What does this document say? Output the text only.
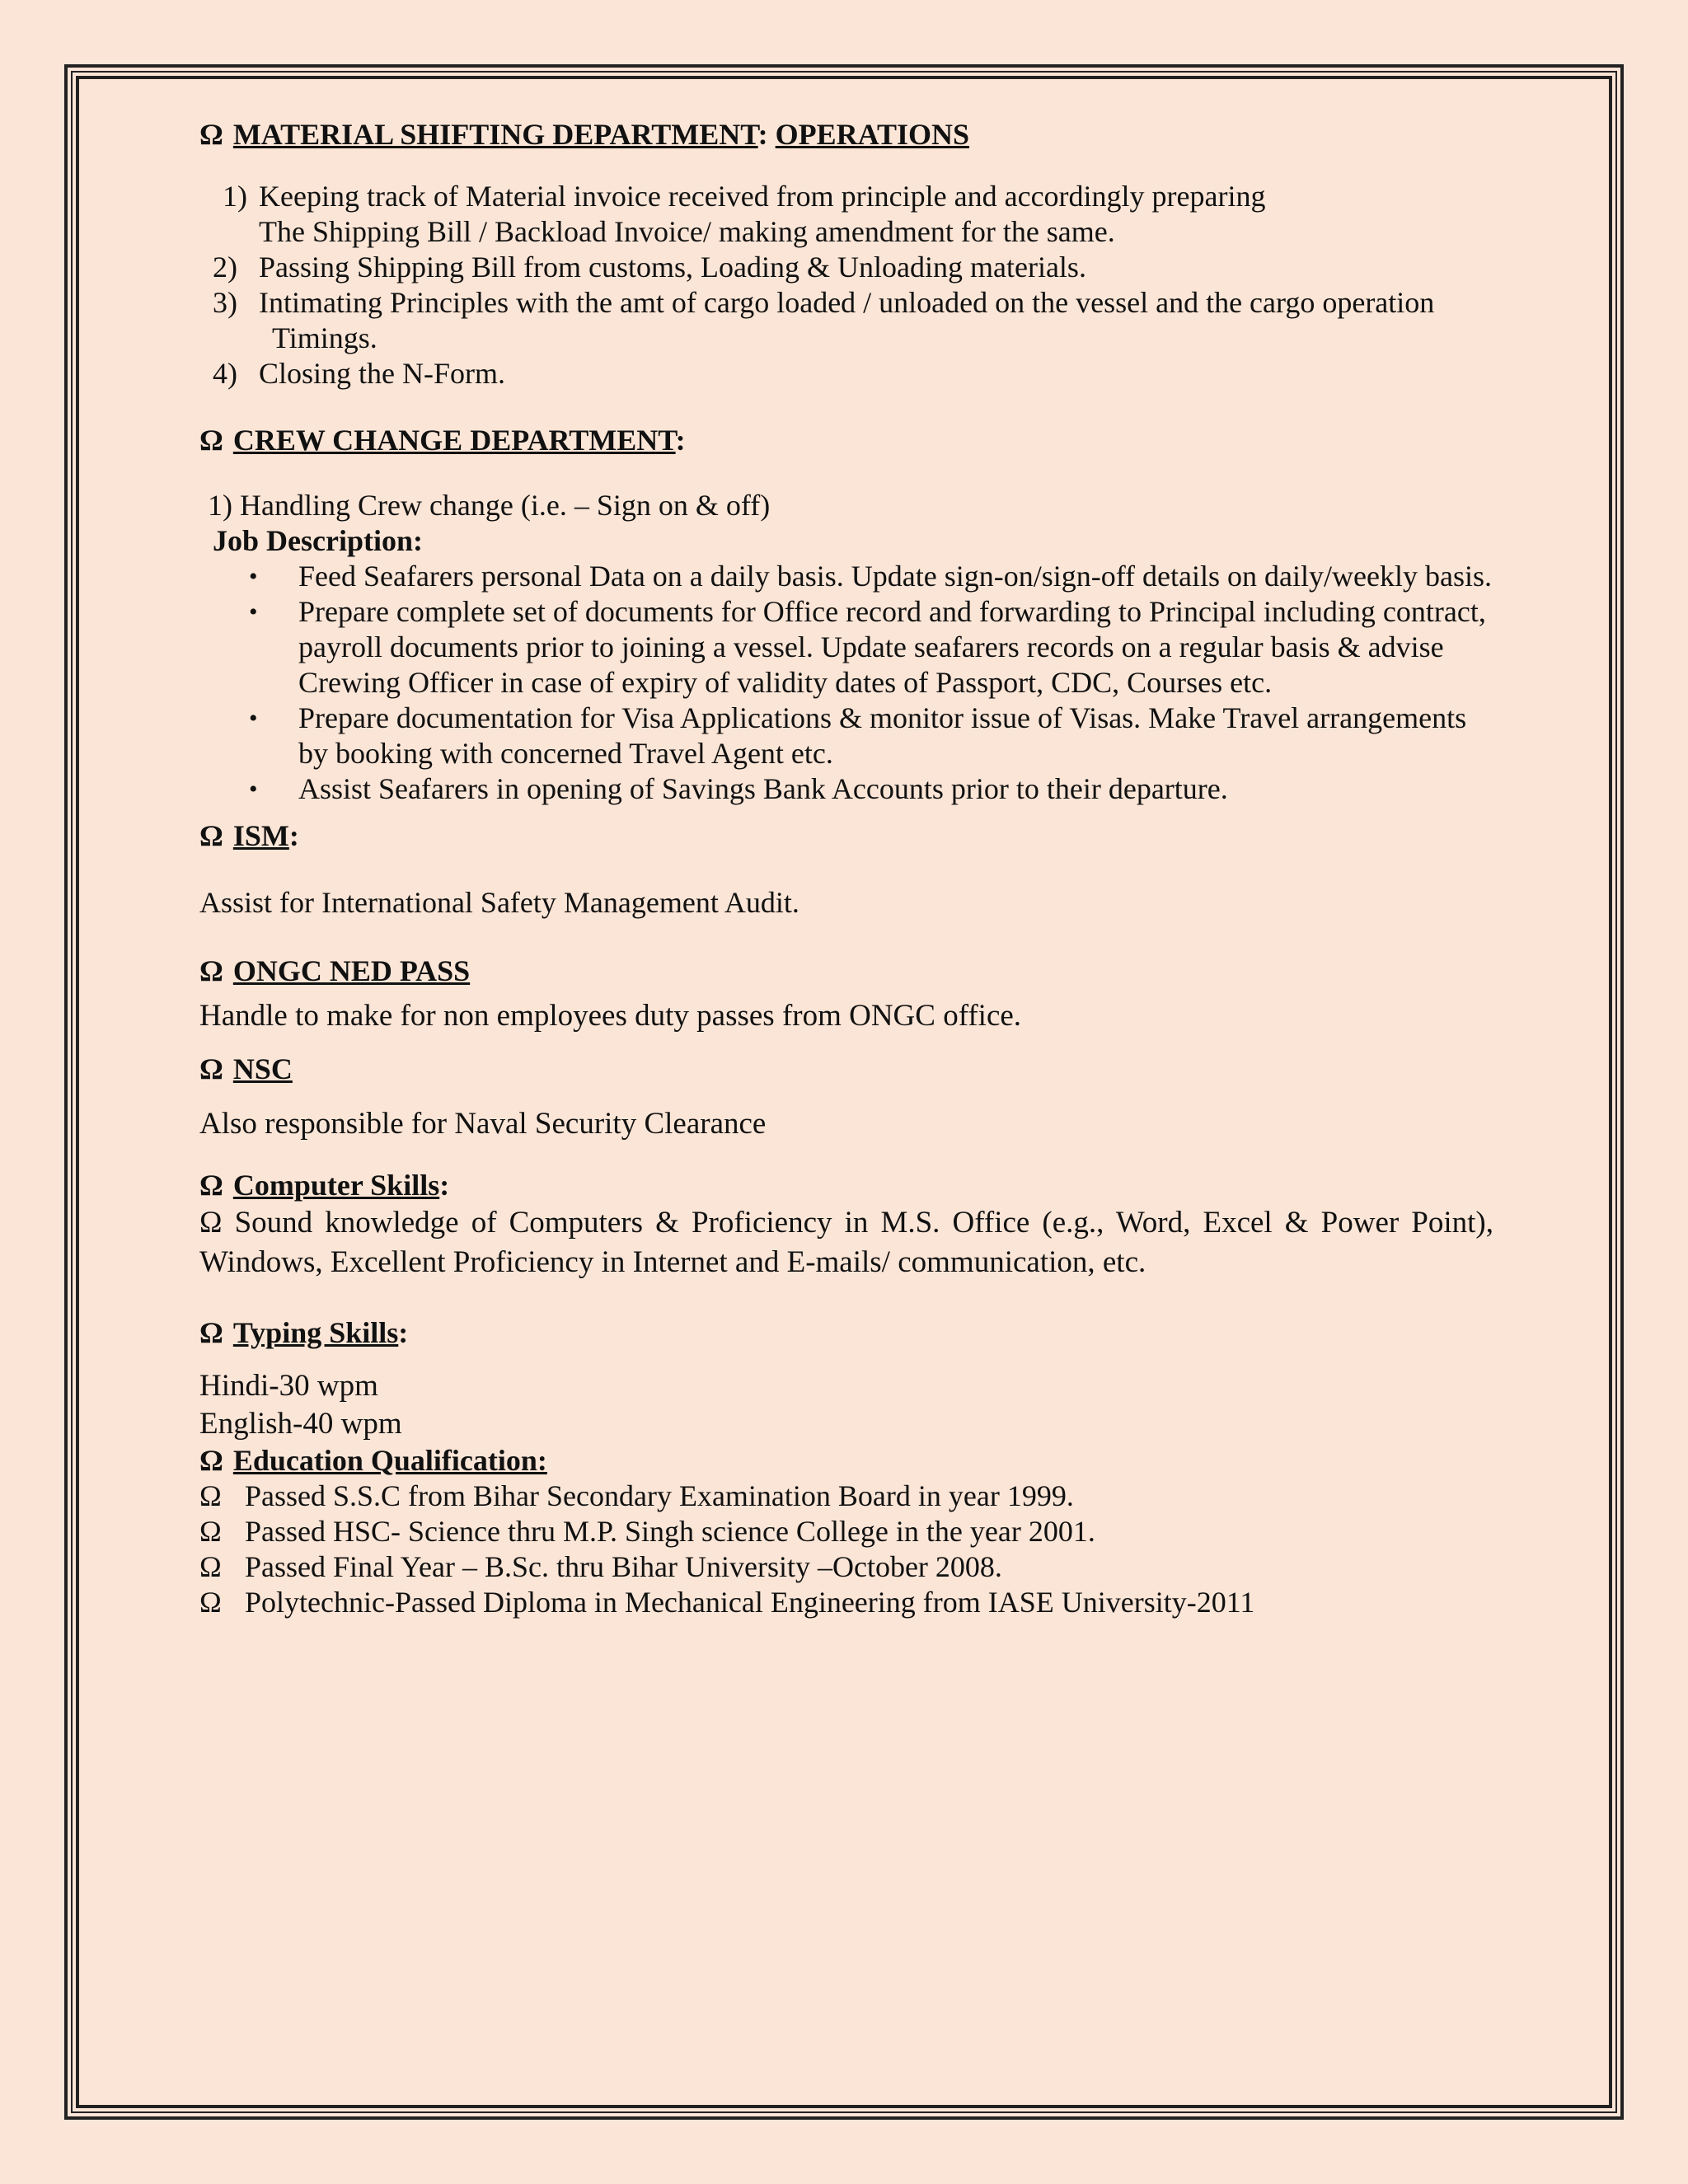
Ω MATERIAL SHIFTING DEPARTMENT: OPERATIONS

1) Keeping track of Material invoice received from principle and accordingly preparing
The Shipping Bill / Backload Invoice/ making amendment for the same.
2) Passing Shipping Bill from customs, Loading & Unloading materials.
3) Intimating Principles with the amt of cargo loaded / unloaded on the vessel and the cargo operation
Timings.
4) Closing the N-Form.

Ω CREW CHANGE DEPARTMENT:

1) Handling Crew change (i.e. – Sign on & off)

Job Description:

• Feed Seafarers personal Data on a daily basis. Update sign-on/sign-off details on daily/weekly basis.
• Prepare complete set of documents for Office record and forwarding to Principal including contract, payroll documents prior to joining a vessel. Update seafarers records on a regular basis & advise Crewing Officer in case of expiry of validity dates of Passport, CDC, Courses etc.
• Prepare documentation for Visa Applications & monitor issue of Visas. Make Travel arrangements by booking with concerned Travel Agent etc.
• Assist Seafarers in opening of Savings Bank Accounts prior to their departure.

Ω ISM:

Assist for International Safety Management Audit.

Ω ONGC NED PASS

Handle to make for non employees duty passes from ONGC office.

Ω NSC

Also responsible for Naval Security Clearance

Ω Computer Skills:

Ω Sound knowledge of Computers & Proficiency in M.S. Office (e.g., Word, Excel & Power Point), Windows, Excellent Proficiency in Internet and E-mails/ communication, etc.

Ω Typing Skills:

Hindi-30 wpm

English-40 wpm

Ω Education Qualification:

Ω Passed S.S.C from Bihar Secondary Examination Board in year 1999.
Ω Passed HSC- Science thru M.P. Singh science College in the year 2001.
Ω Passed Final Year – B.Sc. thru Bihar University –October 2008.
Ω Polytechnic-Passed Diploma in Mechanical Engineering from IASE University-2011
